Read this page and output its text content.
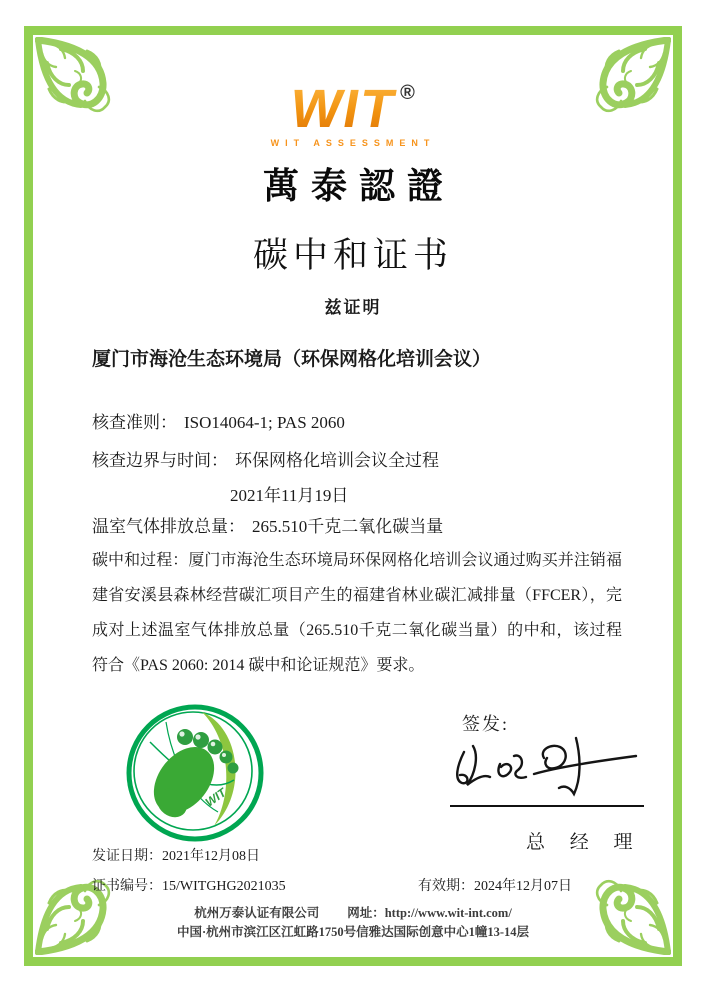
WIT®
WIT ASSESSMENT
萬泰認證
碳中和证书
兹证明
厦门市海沧生态环境局（环保网格化培训会议）
核查准则： ISO14064-1; PAS 2060
核查边界与时间： 环保网格化培训会议全过程
2021年11月19日
温室气体排放总量： 265.510千克二氧化碳当量

碳中和过程：厦门市海沧生态环境局环保网格化培训会议通过购买并注销福建省安溪县森林经营碳汇项目产生的福建省林业碳汇减排量（FFCER），完成对上述温室气体排放总量（265.510千克二氧化碳当量）的中和，该过程符合《PAS 2060: 2014 碳中和论证规范》要求。

签发:
总 经 理
WIT
发证日期：2021年12月08日
证书编号：15/WITGHG2021035	有效期：2024年12月07日
杭州万泰认证有限公司 网址：http://www.wit-int.com/
中国·杭州市滨江区江虹路1750号信雅达国际创意中心1幢13-14层
